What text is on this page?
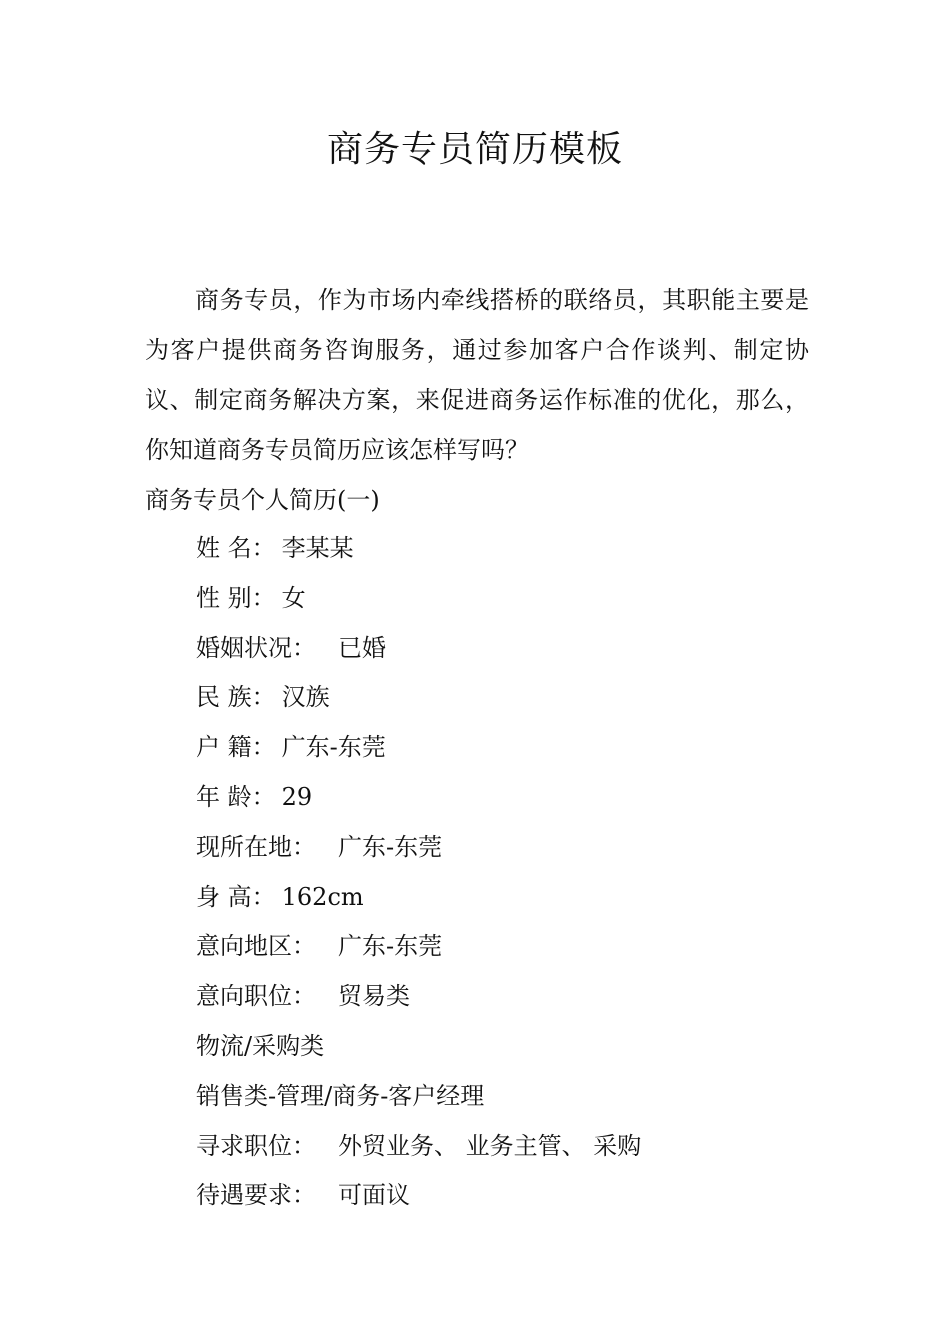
商务专员简历模板

商务专员，作为市场内牵线搭桥的联络员，其职能主要是为客户提供商务咨询服务，通过参加客户合作谈判、制定协议、制定商务解决方案，来促进商务运作标准的优化，那么，你知道商务专员简历应该怎样写吗？

商务专员个人简历(一)
姓 名： 李某某
性 别： 女
婚姻状况： 已婚
民 族： 汉族
户 籍： 广东-东莞
年 龄： 29
现所在地： 广东-东莞
身 高： 162cm
意向地区： 广东-东莞
意向职位： 贸易类
物流/采购类
销售类-管理/商务-客户经理
寻求职位： 外贸业务、 业务主管、 采购
待遇要求： 可面议
